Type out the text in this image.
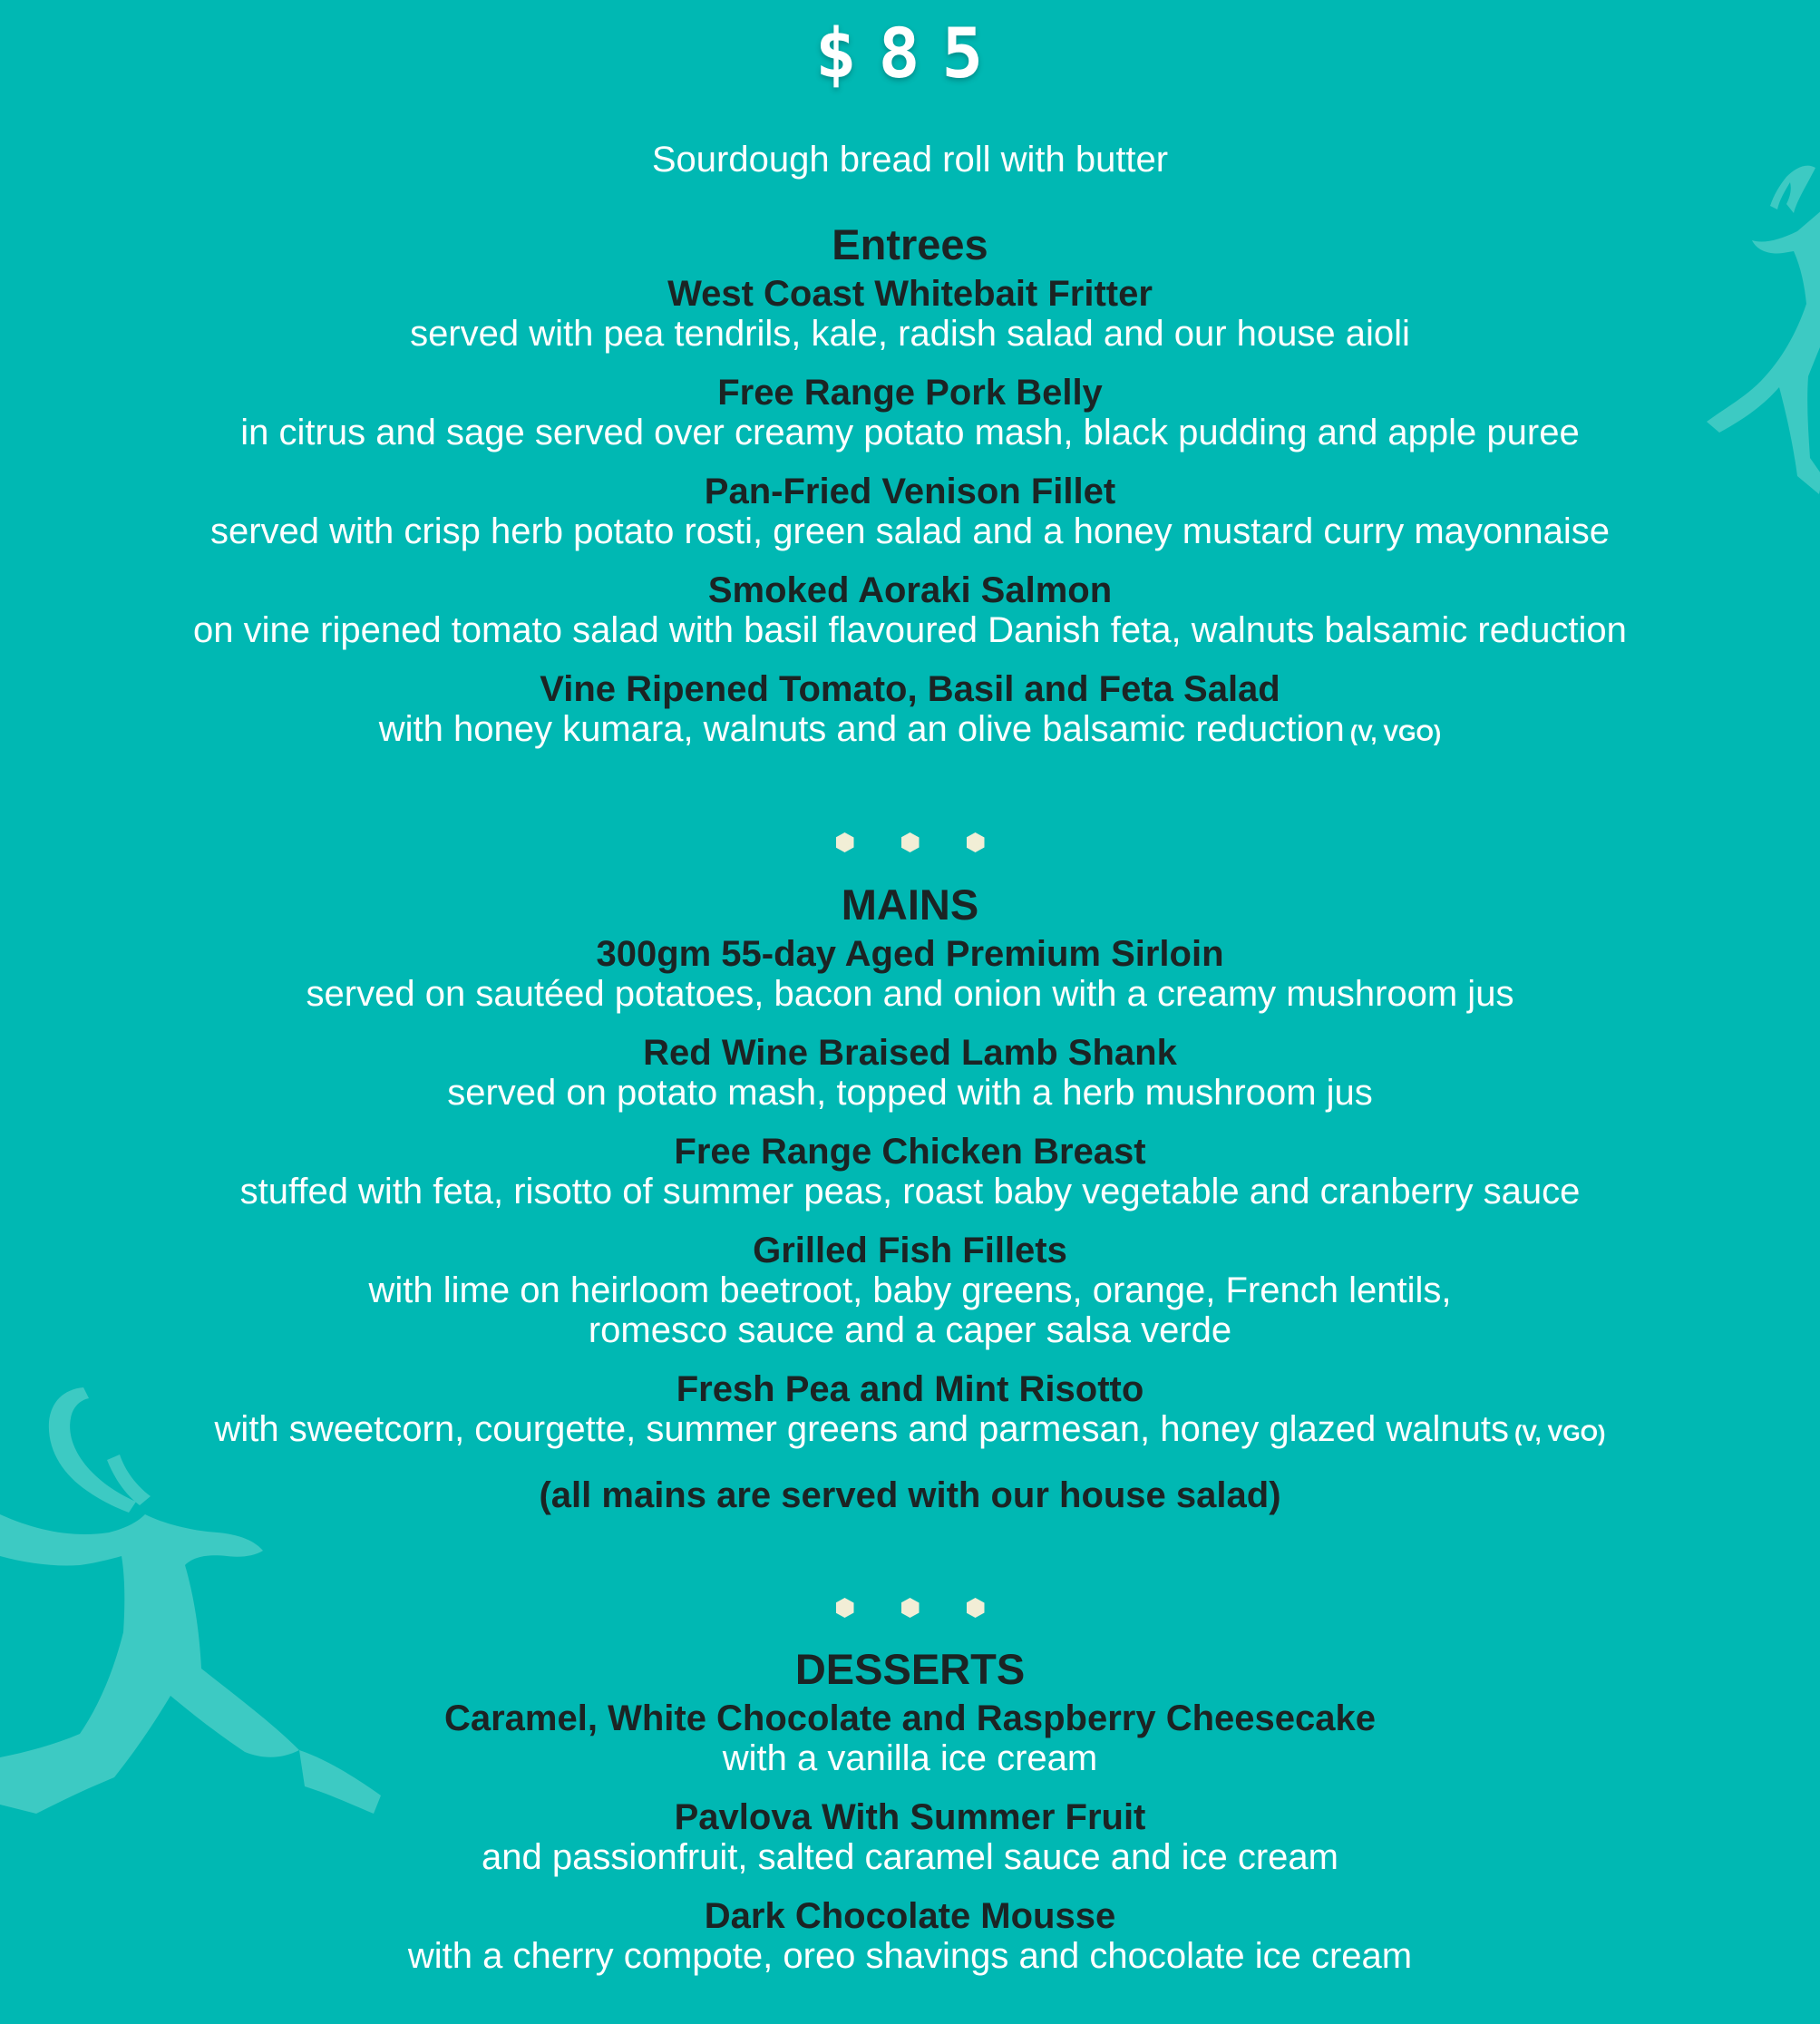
$85
Sourdough bread roll with butter
Entrees
West Coast Whitebait Fritter
served with pea tendrils, kale, radish salad and our house aioli
Free Range Pork Belly
in citrus and sage served over creamy potato mash, black pudding and apple puree
Pan-Fried Venison Fillet
served with crisp herb potato rosti, green salad and a honey mustard curry mayonnaise
Smoked Aoraki Salmon
on vine ripened tomato salad with basil flavoured Danish feta, walnuts balsamic reduction
Vine Ripened Tomato, Basil and Feta Salad
with honey kumara, walnuts and an olive balsamic reduction (V, VGO)
MAINS
300gm 55-day Aged Premium Sirloin
served on sautéed potatoes, bacon and onion with a creamy mushroom jus
Red Wine Braised Lamb Shank
served on potato mash, topped with a herb mushroom jus
Free Range Chicken Breast
stuffed with feta, risotto of summer peas, roast baby vegetable and cranberry sauce
Grilled Fish Fillets
with lime on heirloom beetroot, baby greens, orange, French lentils,
romesco sauce and a caper salsa verde
Fresh Pea and Mint Risotto
with sweetcorn, courgette, summer greens and parmesan, honey glazed walnuts (V, VGO)
(all mains are served with our house salad)
DESSERTS
Caramel, White Chocolate and Raspberry Cheesecake
with a vanilla ice cream
Pavlova With Summer Fruit
and passionfruit, salted caramel sauce and ice cream
Dark Chocolate Mousse
with a cherry compote, oreo shavings and chocolate ice cream
